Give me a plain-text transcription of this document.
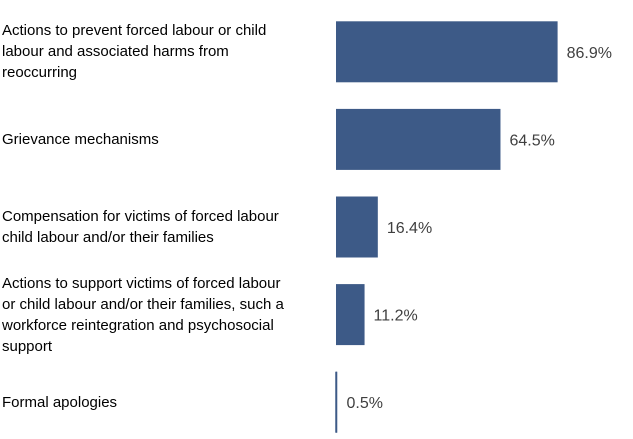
Actions to prevent forced labour or child
labour and associated harms from
reoccurring
Grievance mechanisms
Compensation for victims of forced labour
child labour and/or their families
Actions to support victims of forced labour
or child labour and/or their families, such a
workforce reintegration and psychosocial
support
Formal apologies
86.9%
64.5%
16.4%
11.2%
0.5%
